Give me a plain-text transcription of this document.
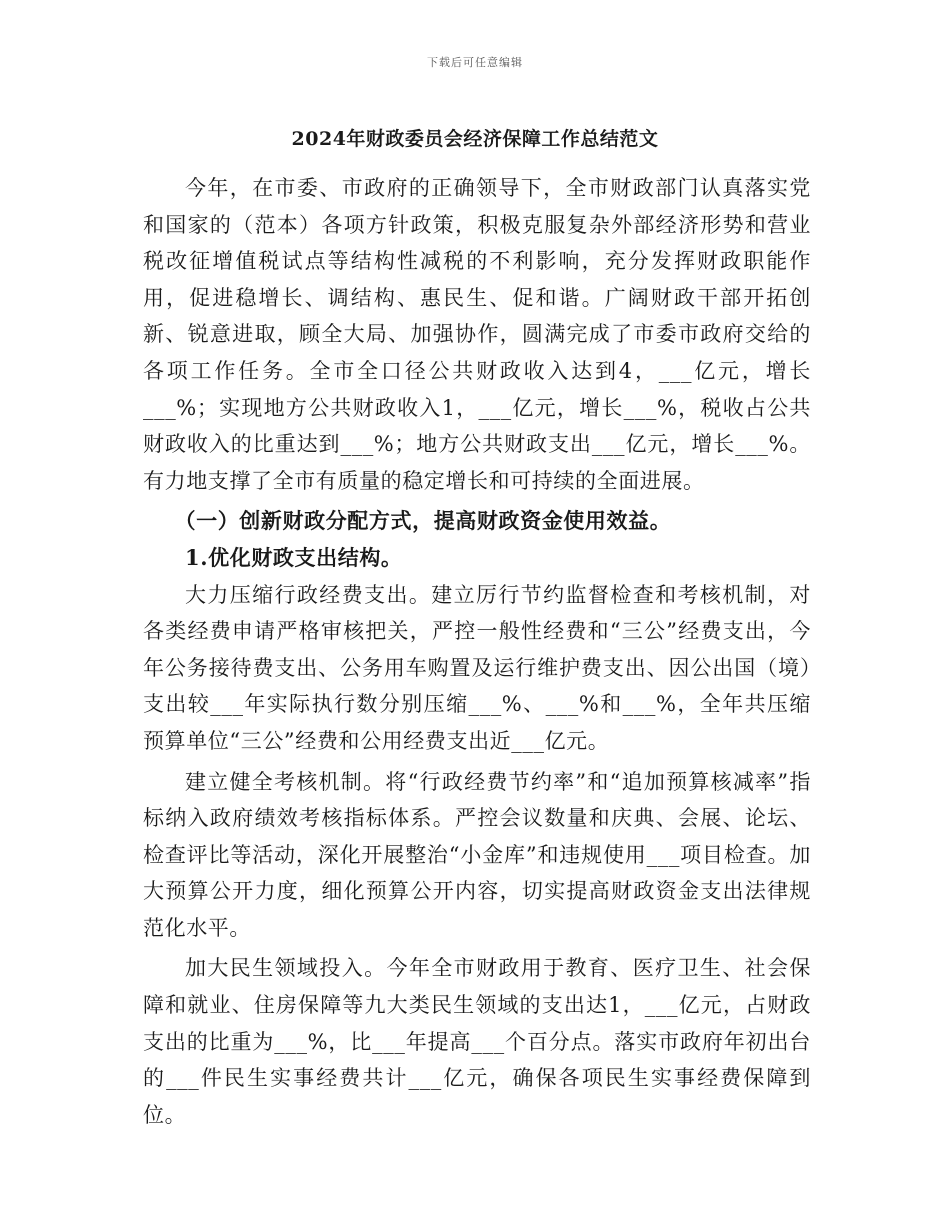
下载后可任意编辑
2024年财政委员会经济保障工作总结范文

今年，在市委、市政府的正确领导下，全市财政部门认真落实党和国家的（范本）各项方针政策，积极克服复杂外部经济形势和营业税改征增值税试点等结构性减税的不利影响，充分发挥财政职能作用，促进稳增长、调结构、惠民生、促和谐。广阔财政干部开拓创新、锐意进取，顾全大局、加强协作，圆满完成了市委市政府交给的各项工作任务。全市全口径公共财政收入达到4，___亿元，增长___%；实现地方公共财政收入1，___亿元，增长___%，税收占公共财政收入的比重达到___%；地方公共财政支出___亿元，增长___%。有力地支撑了全市有质量的稳定增长和可持续的全面进展。

（一）创新财政分配方式，提高财政资金使用效益。

1.优化财政支出结构。

大力压缩行政经费支出。建立厉行节约监督检查和考核机制，对各类经费申请严格审核把关，严控一般性经费和“三公”经费支出，今年公务接待费支出、公务用车购置及运行维护费支出、因公出国（境）支出较___年实际执行数分别压缩___%、___%和___%，全年共压缩预算单位“三公”经费和公用经费支出近___亿元。

建立健全考核机制。将“行政经费节约率”和“追加预算核减率”指标纳入政府绩效考核指标体系。严控会议数量和庆典、会展、论坛、检查评比等活动，深化开展整治“小金库”和违规使用___项目检查。加大预算公开力度，细化预算公开内容，切实提高财政资金支出法律规范化水平。

加大民生领域投入。今年全市财政用于教育、医疗卫生、社会保障和就业、住房保障等九大类民生领域的支出达1，___亿元，占财政支出的比重为___%，比___年提高___个百分点。落实市政府年初出台的___件民生实事经费共计___亿元，确保各项民生实事经费保障到位。
